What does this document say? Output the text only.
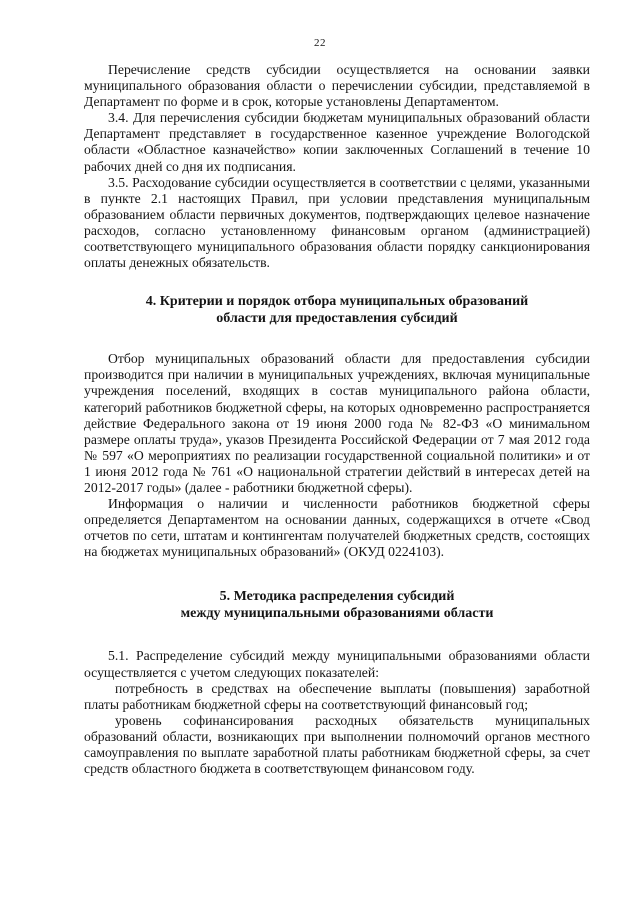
22

Перечисление средств субсидии осуществляется на основании заявки муниципального образования области о перечислении субсидии, представляемой в Департамент по форме и в срок, которые установлены Департаментом.

3.4. Для перечисления субсидии бюджетам муниципальных образований области Департамент представляет в государственное казенное учреждение Вологодской области «Областное казначейство» копии заключенных Соглашений в течение 10 рабочих дней со дня их подписания.

3.5. Расходование субсидии осуществляется в соответствии с целями, указанными в пункте 2.1 настоящих Правил, при условии представления муниципальным образованием области первичных документов, подтверждающих целевое назначение расходов, согласно установленному финансовым органом (администрацией) соответствующего муниципального образования области порядку санкционирования оплаты денежных обязательств.

4. Критерии и порядок отбора муниципальных образований
области для предоставления субсидий

Отбор муниципальных образований области для предоставления субсидии производится при наличии в муниципальных учреждениях, включая муниципальные учреждения поселений, входящих в состав муниципального района области, категорий работников бюджетной сферы, на которых одновременно распространяется действие Федерального закона от 19 июня 2000 года № 82-ФЗ «О минимальном размере оплаты труда», указов Президента Российской Федерации от 7 мая 2012 года № 597 «О мероприятиях по реализации государственной социальной политики» и от 1 июня 2012 года № 761 «О национальной стратегии действий в интересах детей на 2012-2017 годы» (далее - работники бюджетной сферы).

Информация о наличии и численности работников бюджетной сферы определяется Департаментом на основании данных, содержащихся в отчете «Свод отчетов по сети, штатам и контингентам получателей бюджетных средств, состоящих на бюджетах муниципальных образований» (ОКУД 0224103).

5. Методика распределения субсидий
между муниципальными образованиями области

5.1. Распределение субсидий между муниципальными образованиями области осуществляется с учетом следующих показателей:

потребность в средствах на обеспечение выплаты (повышения) заработной платы работникам бюджетной сферы на соответствующий финансовый год;

уровень софинансирования расходных обязательств муниципальных образований области, возникающих при выполнении полномочий органов местного самоуправления по выплате заработной платы работникам бюджетной сферы, за счет средств областного бюджета в соответствующем финансовом году.
